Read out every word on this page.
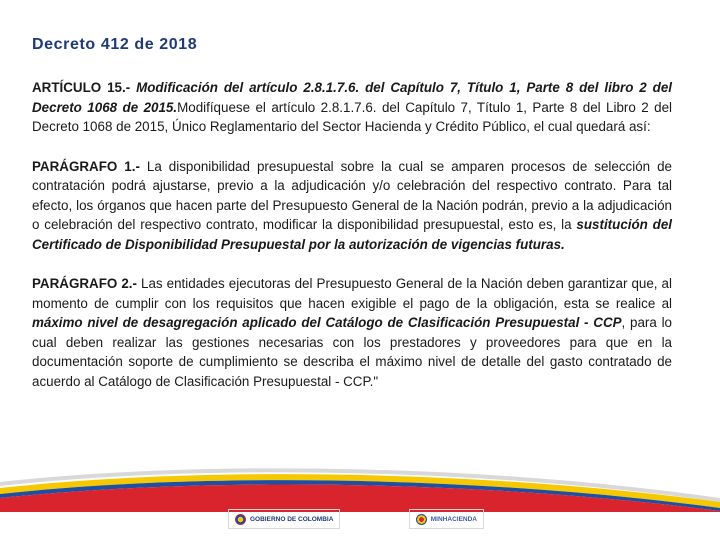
Decreto 412 de 2018

ARTÍCULO 15.- Modificación del artículo 2.8.1.7.6. del Capítulo 7, Título 1, Parte 8 del libro 2 del Decreto 1068 de 2015.Modifíquese el artículo 2.8.1.7.6. del Capítulo 7, Título 1, Parte 8 del Libro 2 del Decreto 1068 de 2015, Único Reglamentario del Sector Hacienda y Crédito Público, el cual quedará así:

PARÁGRAFO 1.- La disponibilidad presupuestal sobre la cual se amparen procesos de selección de contratación podrá ajustarse, previo a la adjudicación y/o celebración del respectivo contrato. Para tal efecto, los órganos que hacen parte del Presupuesto General de la Nación podrán, previo a la adjudicación o celebración del respectivo contrato, modificar la disponibilidad presupuestal, esto es, la sustitución del Certificado de Disponibilidad Presupuestal por la autorización de vigencias futuras.

PARÁGRAFO 2.- Las entidades ejecutoras del Presupuesto General de la Nación deben garantizar que, al momento de cumplir con los requisitos que hacen exigible el pago de la obligación, esta se realice al máximo nivel de desagregación aplicado del Catálogo de Clasificación Presupuestal - CCP, para lo cual deben realizar las gestiones necesarias con los prestadores y proveedores para que en la documentación soporte de cumplimiento se describa el máximo nivel de detalle del gasto contratado de acuerdo al Catálogo de Clasificación Presupuestal - CCP."

GOBIERNO DE COLOMBIA	MINHACIENDA
